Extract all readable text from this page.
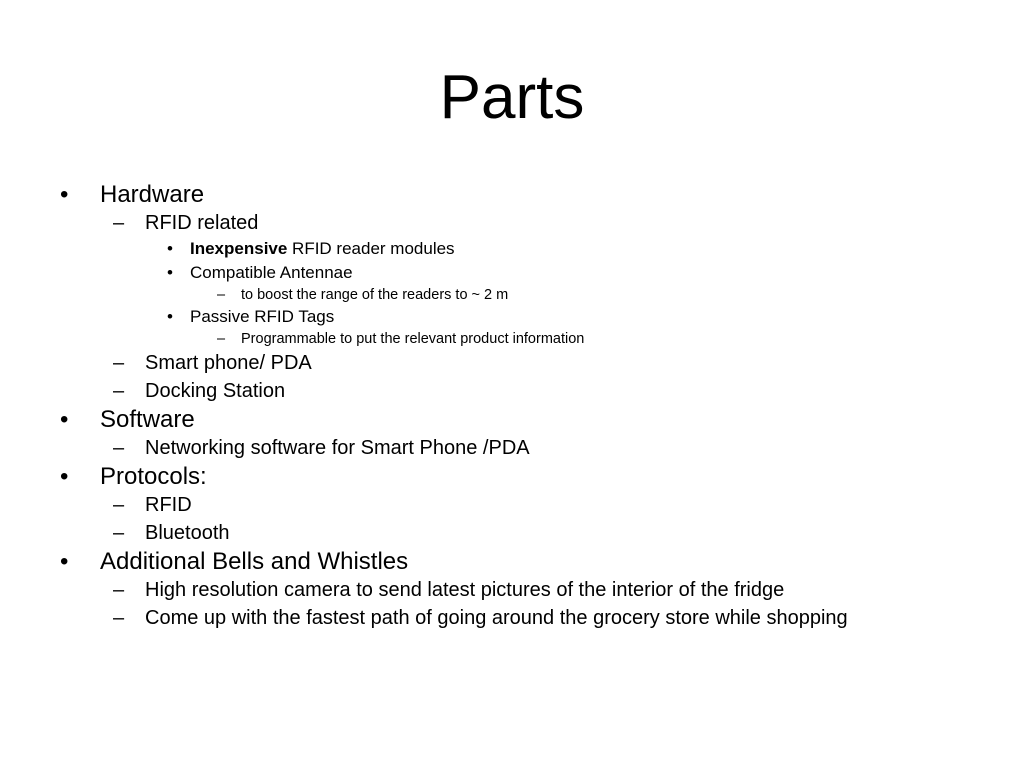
Parts
• Hardware
– RFID related
• Inexpensive RFID reader modules
• Compatible Antennae
– to boost the range of the readers to ~ 2 m
• Passive RFID Tags
– Programmable to put the relevant product information
– Smart phone/ PDA
– Docking Station
• Software
– Networking software for Smart Phone /PDA
• Protocols:
– RFID
– Bluetooth
• Additional Bells and Whistles
– High resolution camera to send latest pictures of the interior of the fridge
– Come up with the fastest path of going around the grocery store while shopping
